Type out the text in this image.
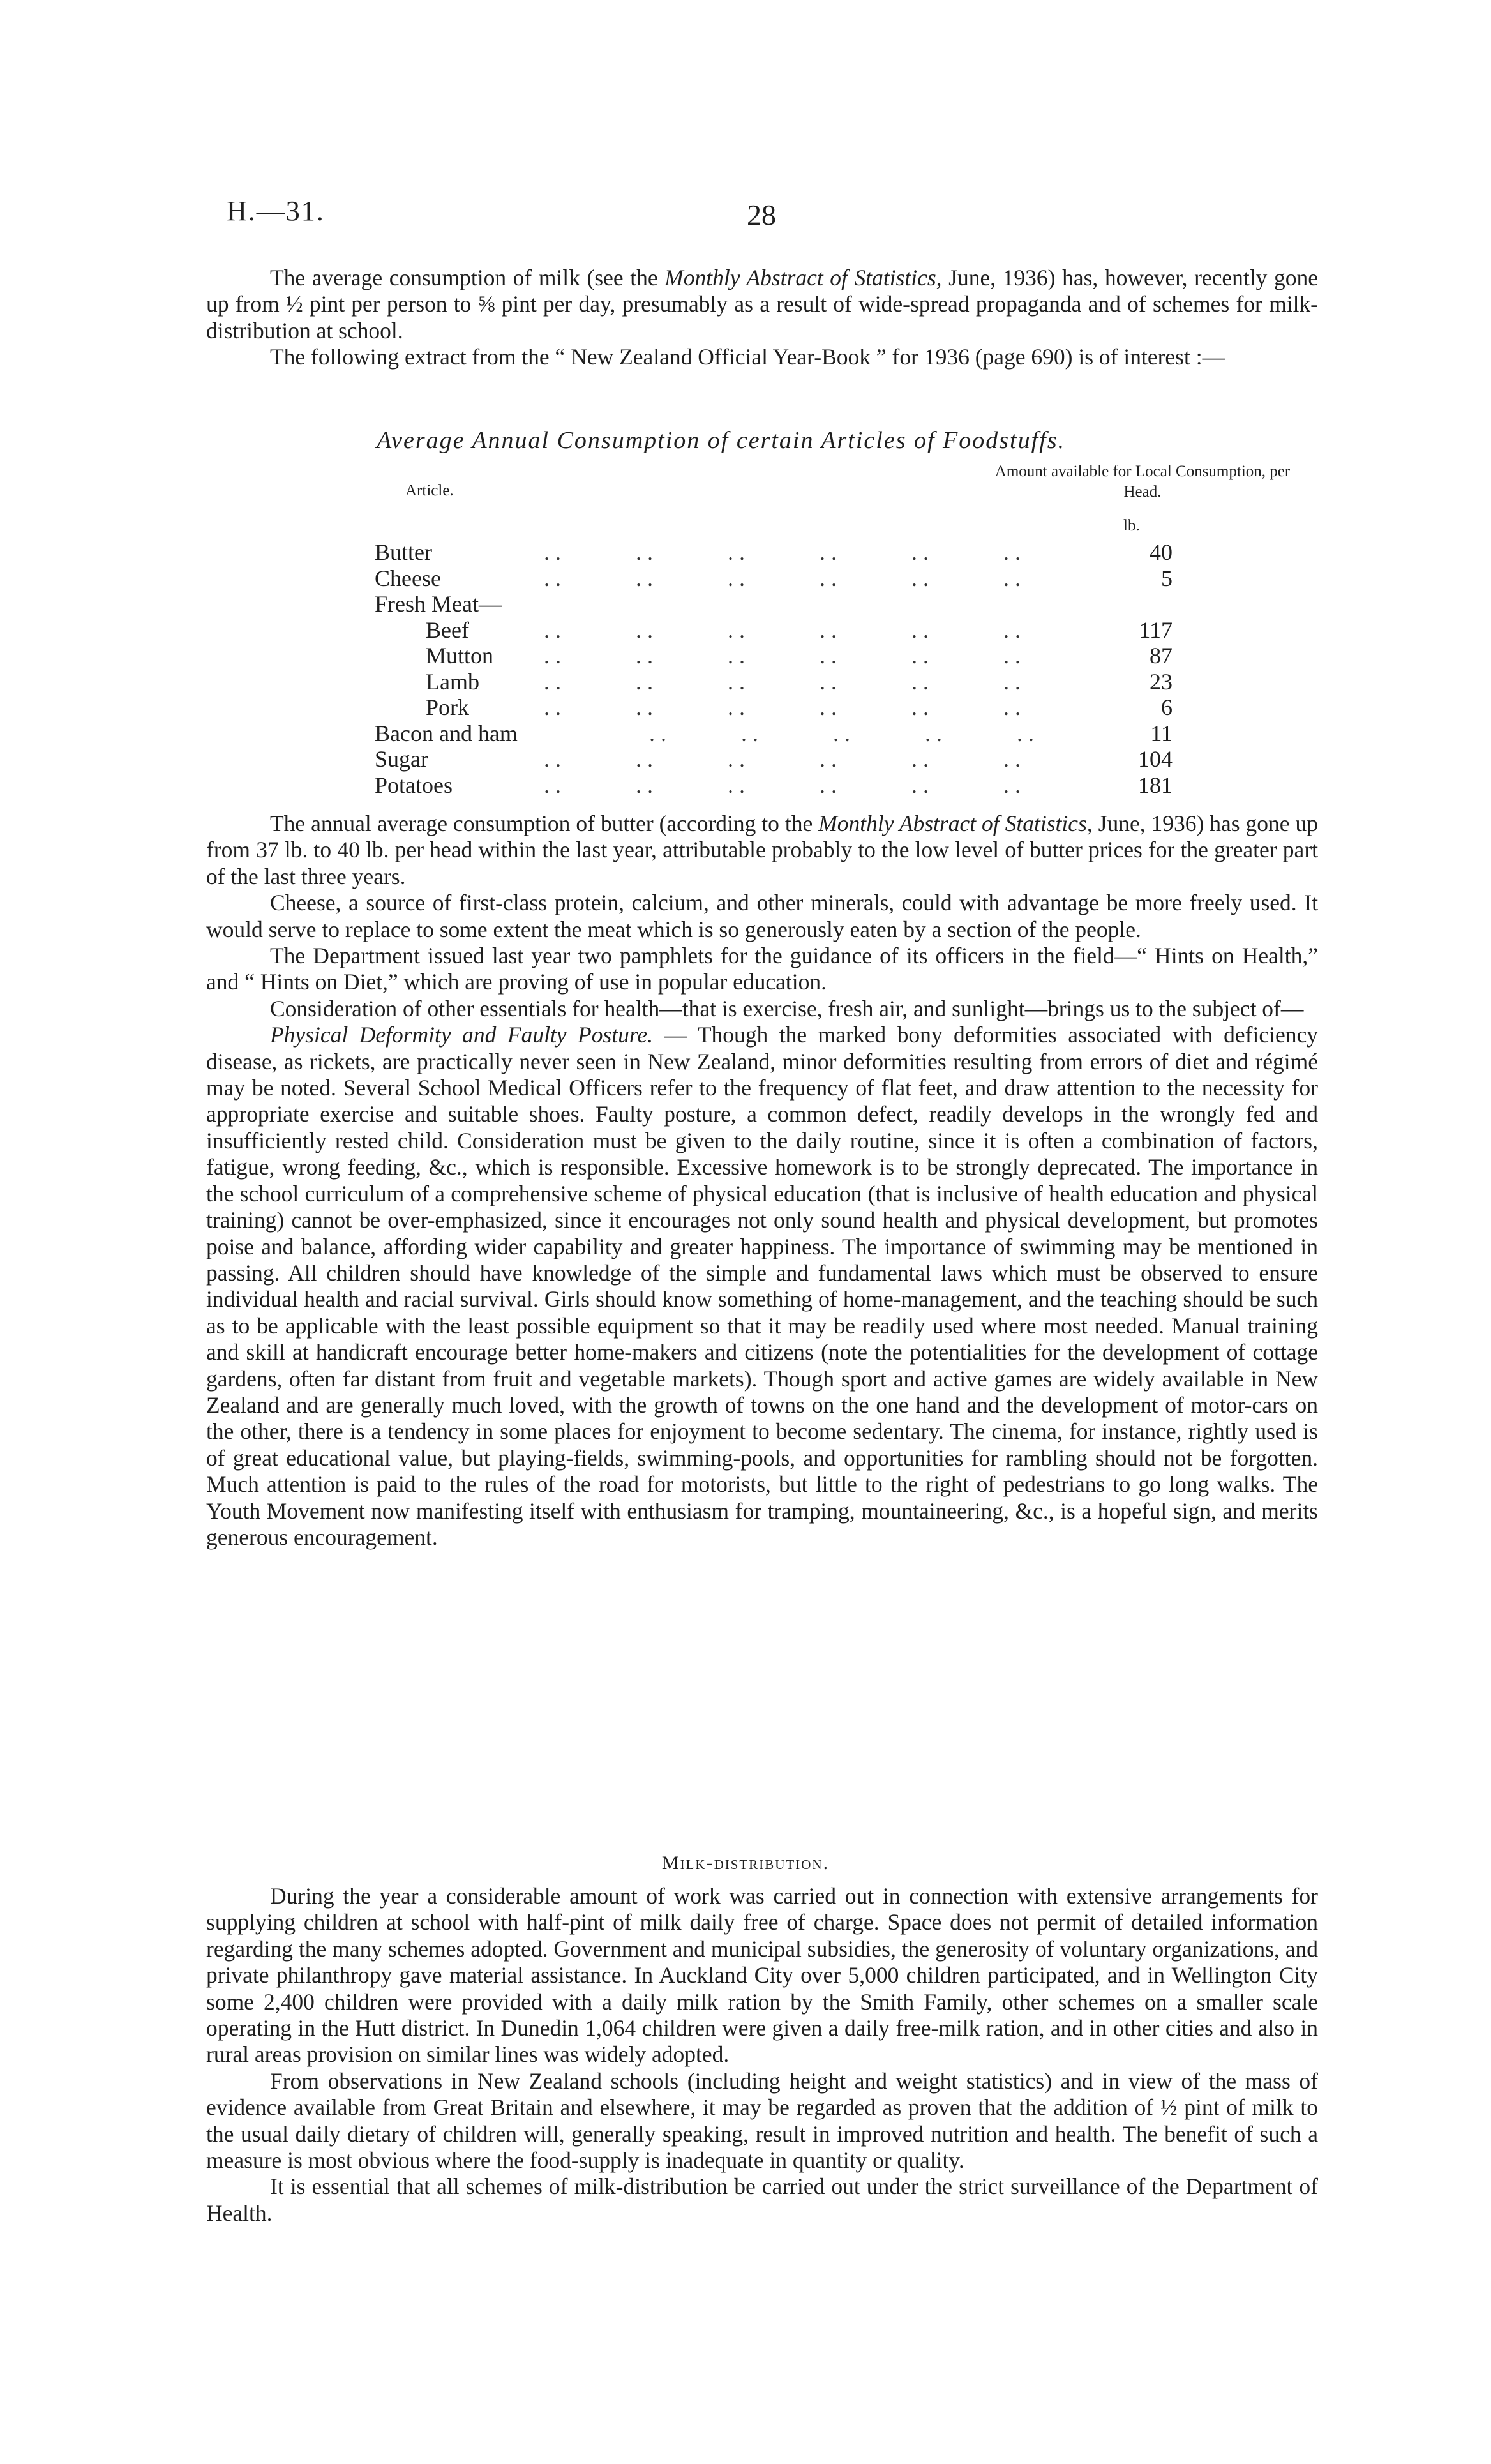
H.—31.	28

The average consumption of milk (see the Monthly Abstract of Statistics, June, 1936) has, however, recently gone up from ½ pint per person to ⅝ pint per day, presumably as a result of wide-spread propaganda and of schemes for milk-distribution at school.

The following extract from the “ New Zealand Official Year-Book ” for 1936 (page 690) is of interest :—

Average Annual Consumption of certain Articles of Foodstuffs.
Article.
Amount available for Local Consumption, per Head.
lb.
Butter	. .             . .             . .             . .             . .             . .	40
Cheese	. .             . .             . .             . .             . .             . .	5
Fresh Meat—
Beef	. .             . .             . .             . .             . .             . .	117
Mutton . .             . .             . .             . .             . .             . .	87
Lamb	. .             . .             . .             . .             . .             . .	23
Pork	. .             . .             . .             . .             . .             . .	6
Bacon and ham	. .             . .             . .             . .             . .	11
Sugar	. .             . .             . .             . .             . .             . .	104
Potatoes	. .             . .             . .             . .             . .             . .	181

The annual average consumption of butter (according to the Monthly Abstract of Statistics, June, 1936) has gone up from 37 lb. to 40 lb. per head within the last year, attributable probably to the low level of butter prices for the greater part of the last three years.

Cheese, a source of first-class protein, calcium, and other minerals, could with advantage be more freely used. It would serve to replace to some extent the meat which is so generously eaten by a section of the people.

The Department issued last year two pamphlets for the guidance of its officers in the field—“ Hints on Health,” and “ Hints on Diet,” which are proving of use in popular education.

Consideration of other essentials for health—that is exercise, fresh air, and sunlight—brings us to the subject of—

Physical Deformity and Faulty Posture. — Though the marked bony deformities associated with deficiency disease, as rickets, are practically never seen in New Zealand, minor deformities resulting from errors of diet and régimé may be noted. Several School Medical Officers refer to the frequency of flat feet, and draw attention to the necessity for appropriate exercise and suitable shoes. Faulty posture, a common defect, readily develops in the wrongly fed and insufficiently rested child. Consideration must be given to the daily routine, since it is often a combination of factors, fatigue, wrong feeding, &c., which is responsible. Excessive homework is to be strongly deprecated. The importance in the school curriculum of a comprehensive scheme of physical education (that is inclusive of health education and physical training) cannot be over-emphasized, since it encourages not only sound health and physical development, but promotes poise and balance, affording wider capability and greater happiness. The importance of swimming may be mentioned in passing. All children should have knowledge of the simple and fundamental laws which must be observed to ensure individual health and racial survival. Girls should know something of home-management, and the teaching should be such as to be applicable with the least possible equipment so that it may be readily used where most needed. Manual training and skill at handicraft encourage better home-makers and citizens (note the potentialities for the development of cottage gardens, often far distant from fruit and vegetable markets). Though sport and active games are widely available in New Zealand and are generally much loved, with the growth of towns on the one hand and the development of motor-cars on the other, there is a tendency in some places for enjoyment to become sedentary. The cinema, for instance, rightly used is of great educational value, but playing-fields, swimming-pools, and opportunities for rambling should not be forgotten. Much attention is paid to the rules of the road for motorists, but little to the right of pedestrians to go long walks. The Youth Movement now manifesting itself with enthusiasm for tramping, mountaineering, &c., is a hopeful sign, and merits generous encouragement.

Milk-distribution.

During the year a considerable amount of work was carried out in connection with extensive arrangements for supplying children at school with half-pint of milk daily free of charge. Space does not permit of detailed information regarding the many schemes adopted. Government and municipal subsidies, the generosity of voluntary organizations, and private philanthropy gave material assistance. In Auckland City over 5,000 children participated, and in Wellington City some 2,400 children were provided with a daily milk ration by the Smith Family, other schemes on a smaller scale operating in the Hutt district. In Dunedin 1,064 children were given a daily free-milk ration, and in other cities and also in rural areas provision on similar lines was widely adopted.

From observations in New Zealand schools (including height and weight statistics) and in view of the mass of evidence available from Great Britain and elsewhere, it may be regarded as proven that the addition of ½ pint of milk to the usual daily dietary of children will, generally speaking, result in improved nutrition and health. The benefit of such a measure is most obvious where the food-supply is inadequate in quantity or quality.

It is essential that all schemes of milk-distribution be carried out under the strict surveillance of the Department of Health.
